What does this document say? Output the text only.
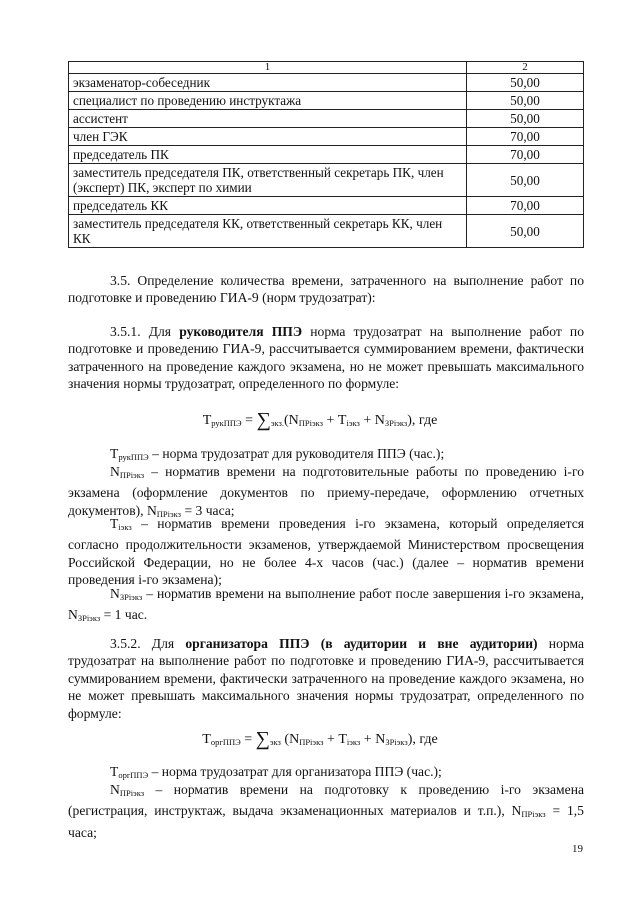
1	2
экзаменатор-собеседник	50,00
специалист по проведению инструктажа	50,00
ассистент	50,00
член ГЭК	70,00
председатель ПК	70,00
заместитель председателя ПК, ответственный секретарь ПК, член (эксперт) ПК, эксперт по химии	50,00
председатель КК	70,00
заместитель председателя КК, ответственный секретарь КК, член КК	50,00

3.5. Определение количества времени, затраченного на выполнение работ по подготовке и проведению ГИА-9 (норм трудозатрат):

3.5.1. Для руководителя ППЭ норма трудозатрат на выполнение работ по подготовке и проведению ГИА-9, рассчитывается суммированием времени, фактически затраченного на проведение каждого экзамена, но не может превышать максимального значения нормы трудозатрат, определенного по формуле:

$Т_{рукППЭ} = \sum_{экз.}(N_{ПРiэкз} + Т_{iэкз} + N_{ЗРiэкз})$, где

$Т_{рукППЭ}$ – норма трудозатрат для руководителя ППЭ (час.);

$N_{ПРiэкз}$ – норматив времени на подготовительные работы по проведению i-го экзамена (оформление документов по приему-передаче, оформлению отчетных документов), $N_{ПРiэкз} = 3$ часа;

$Т_{iэкз}$ – норматив времени проведения i-го экзамена, который определяется согласно продолжительности экзаменов, утверждаемой Министерством просвещения Российской Федерации, но не более 4-х часов (час.) (далее – норматив времени проведения i-го экзамена);

$N_{ЗРiэкз}$ – норматив времени на выполнение работ после завершения i-го экзамена, $N_{ЗРiэкз} = 1$ час.

3.5.2. Для организатора ППЭ (в аудитории и вне аудитории) норма трудозатрат на выполнение работ по подготовке и проведению ГИА-9, рассчитывается суммированием времени, фактически затраченного на проведение каждого экзамена, но не может превышать максимального значения нормы трудозатрат, определенного по формуле:

$Т_{оргППЭ} = \sum_{экз}$ $(N_{ПРiэкз} + Т_{iэкз} + N_{ЗРiэкз})$, где

$Т_{оргППЭ}$ – норма трудозатрат для организатора ППЭ (час.);

$N_{ПРiэкз}$ – норматив времени на подготовку к проведению i-го экзамена (регистрация, инструктаж, выдача экзаменационных материалов и т.п.), $N_{ПРiэкз} = 1,5$ часа;

19
